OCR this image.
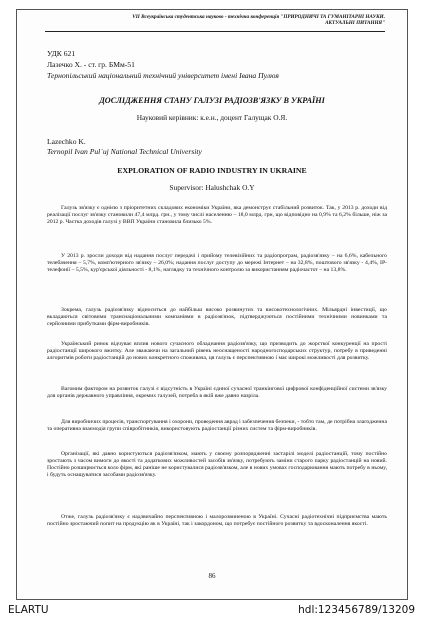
VII Всеукраїнська студентська науково - технічна конференція "ПРИРОДНИЧІ ТА ГУМАНІТАРНІ НАУКИ.
АКТУАЛЬНІ ПИТАННЯ"
УДК 621
Лазечко Х. - ст. гр. БМм-51
Тернопільський національний технічний університет імені Івана Пулюя
ДОСЛІДЖЕННЯ СТАНУ ГАЛУЗІ РАДІОЗВ'ЯЗКУ В УКРАЇНІ
Науковий керівник: к.е.н., доцент Галущак О.Я.
Lazechko K.
Ternopil Ivan Pul`uj National Technical University
EXPLORATION OF RADIO INDUSTRY IN UKRAINE
Supervisor: Halushchak O.Y
Галузь зв'язку є однією з пріоритетних складових економіки України, яка демонструє стабільний розвиток. Так, у 2013 р. доходи від реалізації послуг зв'язку становили 47,4 млрд. грн., у тому числі населенню – 18,0 млрд. грн, що відповідно на 0,9% та 6,2% більше, ніж за 2012 р. Частка доходів галузі у ВВП України становила близько 5%.
У 2013 р. зросли доходи від надання послуг передачі і прийому телевізійних та радіопрограм, радіозв'язку – на 6,6%, кабельного телебачення – 5,7%, комп'ютерного зв'язку – 26,0%; надання послуг доступу до мережі Інтернет – на 32,8%, поштового зв'язку - 4,4%, IP-телефонії – 5,5%, кур'єрської діяльності - 8,1%, наглядку та технічного контролю за використанням радіочастот – на 13,8%.
Зокрема, галузь радіозв'язку відноситься до найбільш високо розвинутих та високотехнологічних. Мільярдні інвестиції, що вкладаються світовими транснаціональними компаніями в радіозв'язок, підтверджуються постійними технічними новинками та серйозними прибутками фірм-виробників.
Український ринок відчуває вплив нового сучасного обладнання радіозв'язку, що призводить до жорсткої конкуренції на простi радіостанції широкого вжитку. Але зважаючи на загальний рівень неоснащеності народногосподарських структур, потребу в приведенні алгоритмів роботи радіостанцій до нових конкретного споживача, ця галузь є перспективною і має широкі можливості для розвитку.
Вагомим фактором на розвиток галузі є відсутність в Україні єдиної сучасної транкінгової цифрової конфіденційної системи зв'язку для органів державного управління, окремих галузей, потреба в якій вже давно назріла.
Для виробничих процесів, транспортування і охорони, проведення аврад і забезпечення безпеки, - тобто там, де потрібна злагодженна та оперативна взаємодія групи співробітників, використовують радіостанції різних систем та фірм-виробників.
Організації, які давно користуються радіозв'язком, мають у своєму розпорядженні застарілі моделі радіостанцій, тому постійно зростають з часом вимоги до якості та додаткових можливостей засобів зв'язку, потребують заміни старого парку радіостанцій на новий. Постійно розширюється коло фірм, які раніше не користувалися радіозв'язком, але в нових умовах господарювання мають потребу в ньому, і будуть оснащуватися засобами радіозв'язку.
Отже, галузь радіозв'язку є надзвичайно перспективною і малорозвиненою в Україні. Сучасні радіотехнічні підприємства мають постійно зростаючий попит на продукцію як в Україні, так і закордоном, що потребує постійного розвитку та вдосконалення якості.
86
ELARTU	hdl:123456789/13209
